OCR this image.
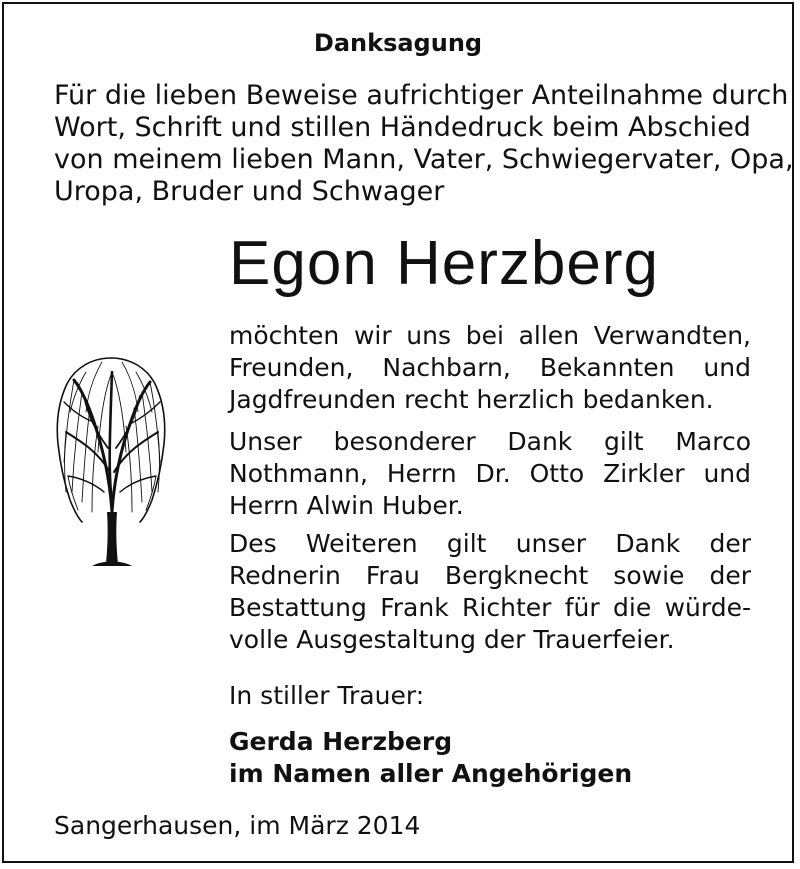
Danksagung
Für die lieben Beweise aufrichtiger Anteilnahme durch
Wort, Schrift und stillen Händedruck beim Abschied
von meinem lieben Mann, Vater, Schwiegervater, Opa,
Uropa, Bruder und Schwager
Egon Herzberg
möchten wir uns bei allen Verwandten,
Freunden, Nachbarn, Bekannten und
Jagdfreunden recht herzlich bedanken.
Unser besonderer Dank gilt Marco
Nothmann, Herrn Dr. Otto Zirkler und
Herrn Alwin Huber.
Des Weiteren gilt unser Dank der
Rednerin Frau Bergknecht sowie der
Bestattung Frank Richter für die würde-
volle Ausgestaltung der Trauerfeier.
In stiller Trauer:
Gerda Herzberg
im Namen aller Angehörigen
Sangerhausen, im März 2014
